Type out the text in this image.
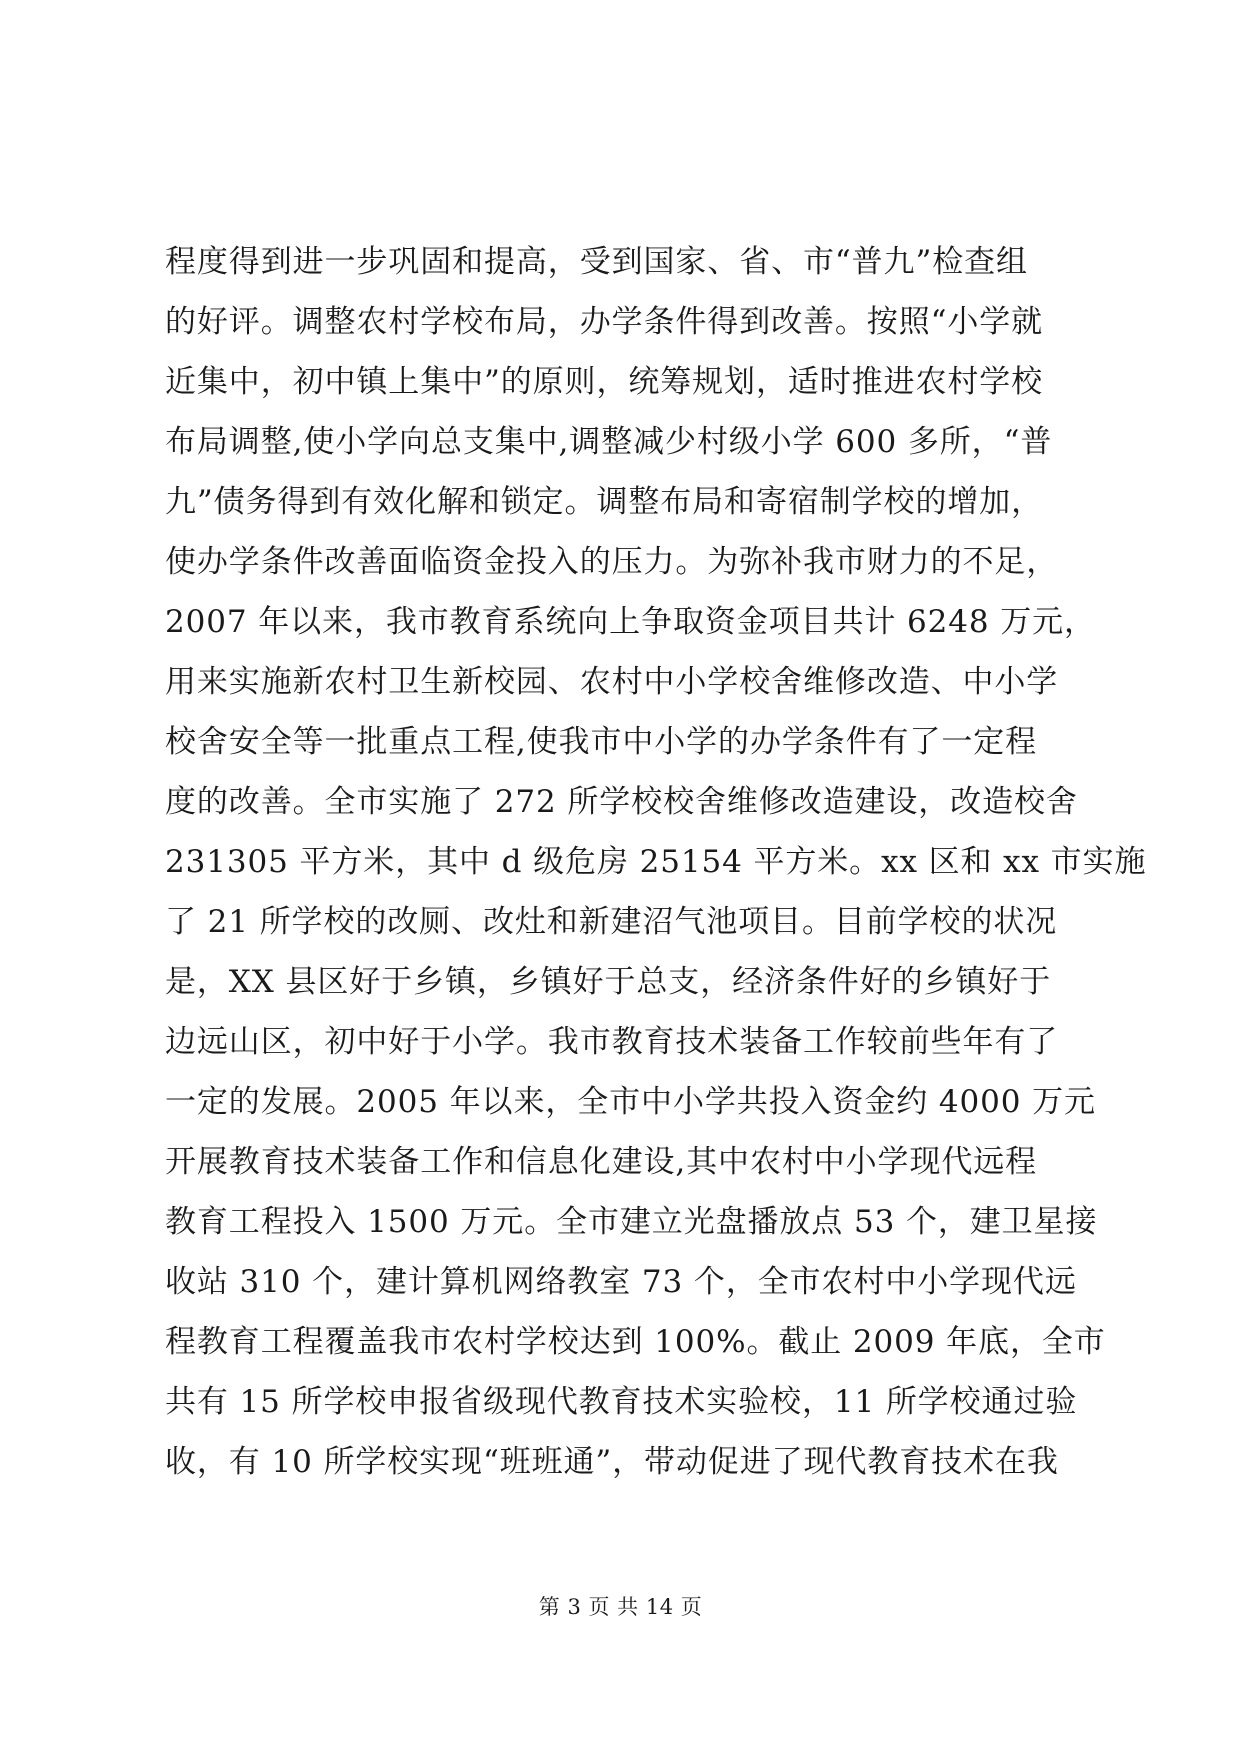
程度得到进一步巩固和提高，受到国家、省、市“普九”检查组
的好评。调整农村学校布局，办学条件得到改善。按照“小学就
近集中，初中镇上集中”的原则，统筹规划，适时推进农村学校
布局调整,使小学向总支集中,调整减少村级小学 600 多所，“普
九”债务得到有效化解和锁定。调整布局和寄宿制学校的增加，
使办学条件改善面临资金投入的压力。为弥补我市财力的不足，
2007 年以来，我市教育系统向上争取资金项目共计 6248 万元，
用来实施新农村卫生新校园、农村中小学校舍维修改造、中小学
校舍安全等一批重点工程,使我市中小学的办学条件有了一定程
度的改善。全市实施了 272 所学校校舍维修改造建设，改造校舍
231305 平方米，其中 d 级危房 25154 平方米。xx 区和 xx 市实施
了 21 所学校的改厕、改灶和新建沼气池项目。目前学校的状况
是，XX 县区好于乡镇，乡镇好于总支，经济条件好的乡镇好于
边远山区，初中好于小学。我市教育技术装备工作较前些年有了
一定的发展。2005 年以来，全市中小学共投入资金约 4000 万元
开展教育技术装备工作和信息化建设,其中农村中小学现代远程
教育工程投入 1500 万元。全市建立光盘播放点 53 个，建卫星接
收站 310 个，建计算机网络教室 73 个，全市农村中小学现代远
程教育工程覆盖我市农村学校达到 100%。截止 2009 年底，全市
共有 15 所学校申报省级现代教育技术实验校，11 所学校通过验
收，有 10 所学校实现“班班通”，带动促进了现代教育技术在我
第 3 页 共 14 页
